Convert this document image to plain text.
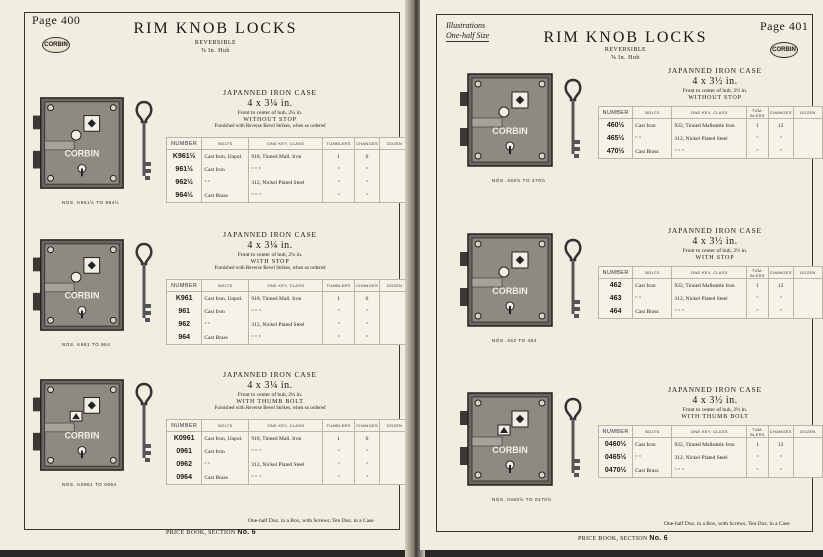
Page 400
CORBIN
RIM KNOB LOCKS
REVERSIBLE
⅝ In. Hub
JAPANNED IRON CASE
4 x 3¼ in.
Front to center of hub, 2¼ in.
WITHOUT STOP
Furnished with Reverse Bevel Strikes, when so ordered
CORBIN
NOS. K961½ TO 964½
NUMBER	BOLTS	ONE KEY, CLASS	TUMBLERS	CHANGES	DOZEN
K961½	Cast Iron, Unpol.	918, Tinned Mall. Iron	1	6	
961½	Cast Iron	" " "	"	"	
962½	" "	312, Nickel Plated Steel	"	"	
964½	Cast Brass	" " "	"	"	
JAPANNED IRON CASE
4 x 3¼ in.
Front to center of hub, 2¼ in.
WITH STOP
Furnished with Reverse Bevel Strikes, when so ordered
CORBIN
NOS. K961 TO 964
NUMBER	BOLTS	ONE KEY, CLASS	TUMBLERS	CHANGES	DOZEN
K961	Cast Iron, Unpol.	918, Tinned Mall. Iron	1	6	
961	Cast Iron	" " "	"	"	
962	" "	312, Nickel Plated Steel	"	"	
964	Cast Brass	" " "	"	"	
JAPANNED IRON CASE
4 x 3¼ in.
Front to center of hub, 2¼ in.
WITH THUMB BOLT
Furnished with Reverse Bevel Strikes, when so ordered
CORBIN
NOS. K0961 TO 0964
NUMBER	BOLTS	ONE KEY, CLASS	TUMBLERS	CHANGES	DOZEN
K0961	Cast Iron, Unpol.	918, Tinned Mall. Iron	1	6	
0961	Cast Iron	" " "	"	"	
0962	" "	312, Nickel Plated Steel	"	"	
0964	Cast Brass	" " "	"	"	
One-half Doz. in a Box, with Screws; Ten Doz. in a Case
PRICE BOOK, SECTION No. 6
Illustrations
One-half Size
Page 401
CORBIN
RIM KNOB LOCKS
REVERSIBLE
⅝ In. Hub
JAPANNED IRON CASE
4 x 3½ in.
Front to center of hub, 2½ in.
WITHOUT STOP
CORBIN
NOS. 460½ TO 470½
NUMBER	BOLTS	ONE KEY, CLASS	TUM- BLERS	CHANGES	DOZEN
460½	Cast Iron	922, Tinned Malleable Iron	1	12	
465½	" "	312, Nickel Plated Steel	"	"	
470½	Cast Brass	" " "	"	"	
JAPANNED IRON CASE
4 x 3½ in.
Front to center of hub, 2½ in.
WITH STOP
CORBIN
NOS. 462 TO 464
NUMBER	BOLTS	ONE KEY, CLASS	TUM- BLERS	CHANGES	DOZEN
462	Cast Iron	922, Tinned Malleable Iron	1	12	
463	" "	312, Nickel Plated Steel	"	"	
464	Cast Brass	" " "	"	"	
JAPANNED IRON CASE
4 x 3½ in.
Front to center of hub, 2½ in.
WITH THUMB BOLT
CORBIN
NOS. 0460½ TO 0470½
NUMBER	BOLTS	ONE KEY, CLASS	TUM- BLERS	CHANGES	DOZEN
0460½	Cast Iron	922, Tinned Malleable Iron	1	12	
0465½	" "	312, Nickel Plated Steel	"	"	
0470½	Cast Brass	" " "	"	"	
One-half Doz. in a Box, with Screws; Ten Doz. in a Case
PRICE BOOK, SECTION No. 6
